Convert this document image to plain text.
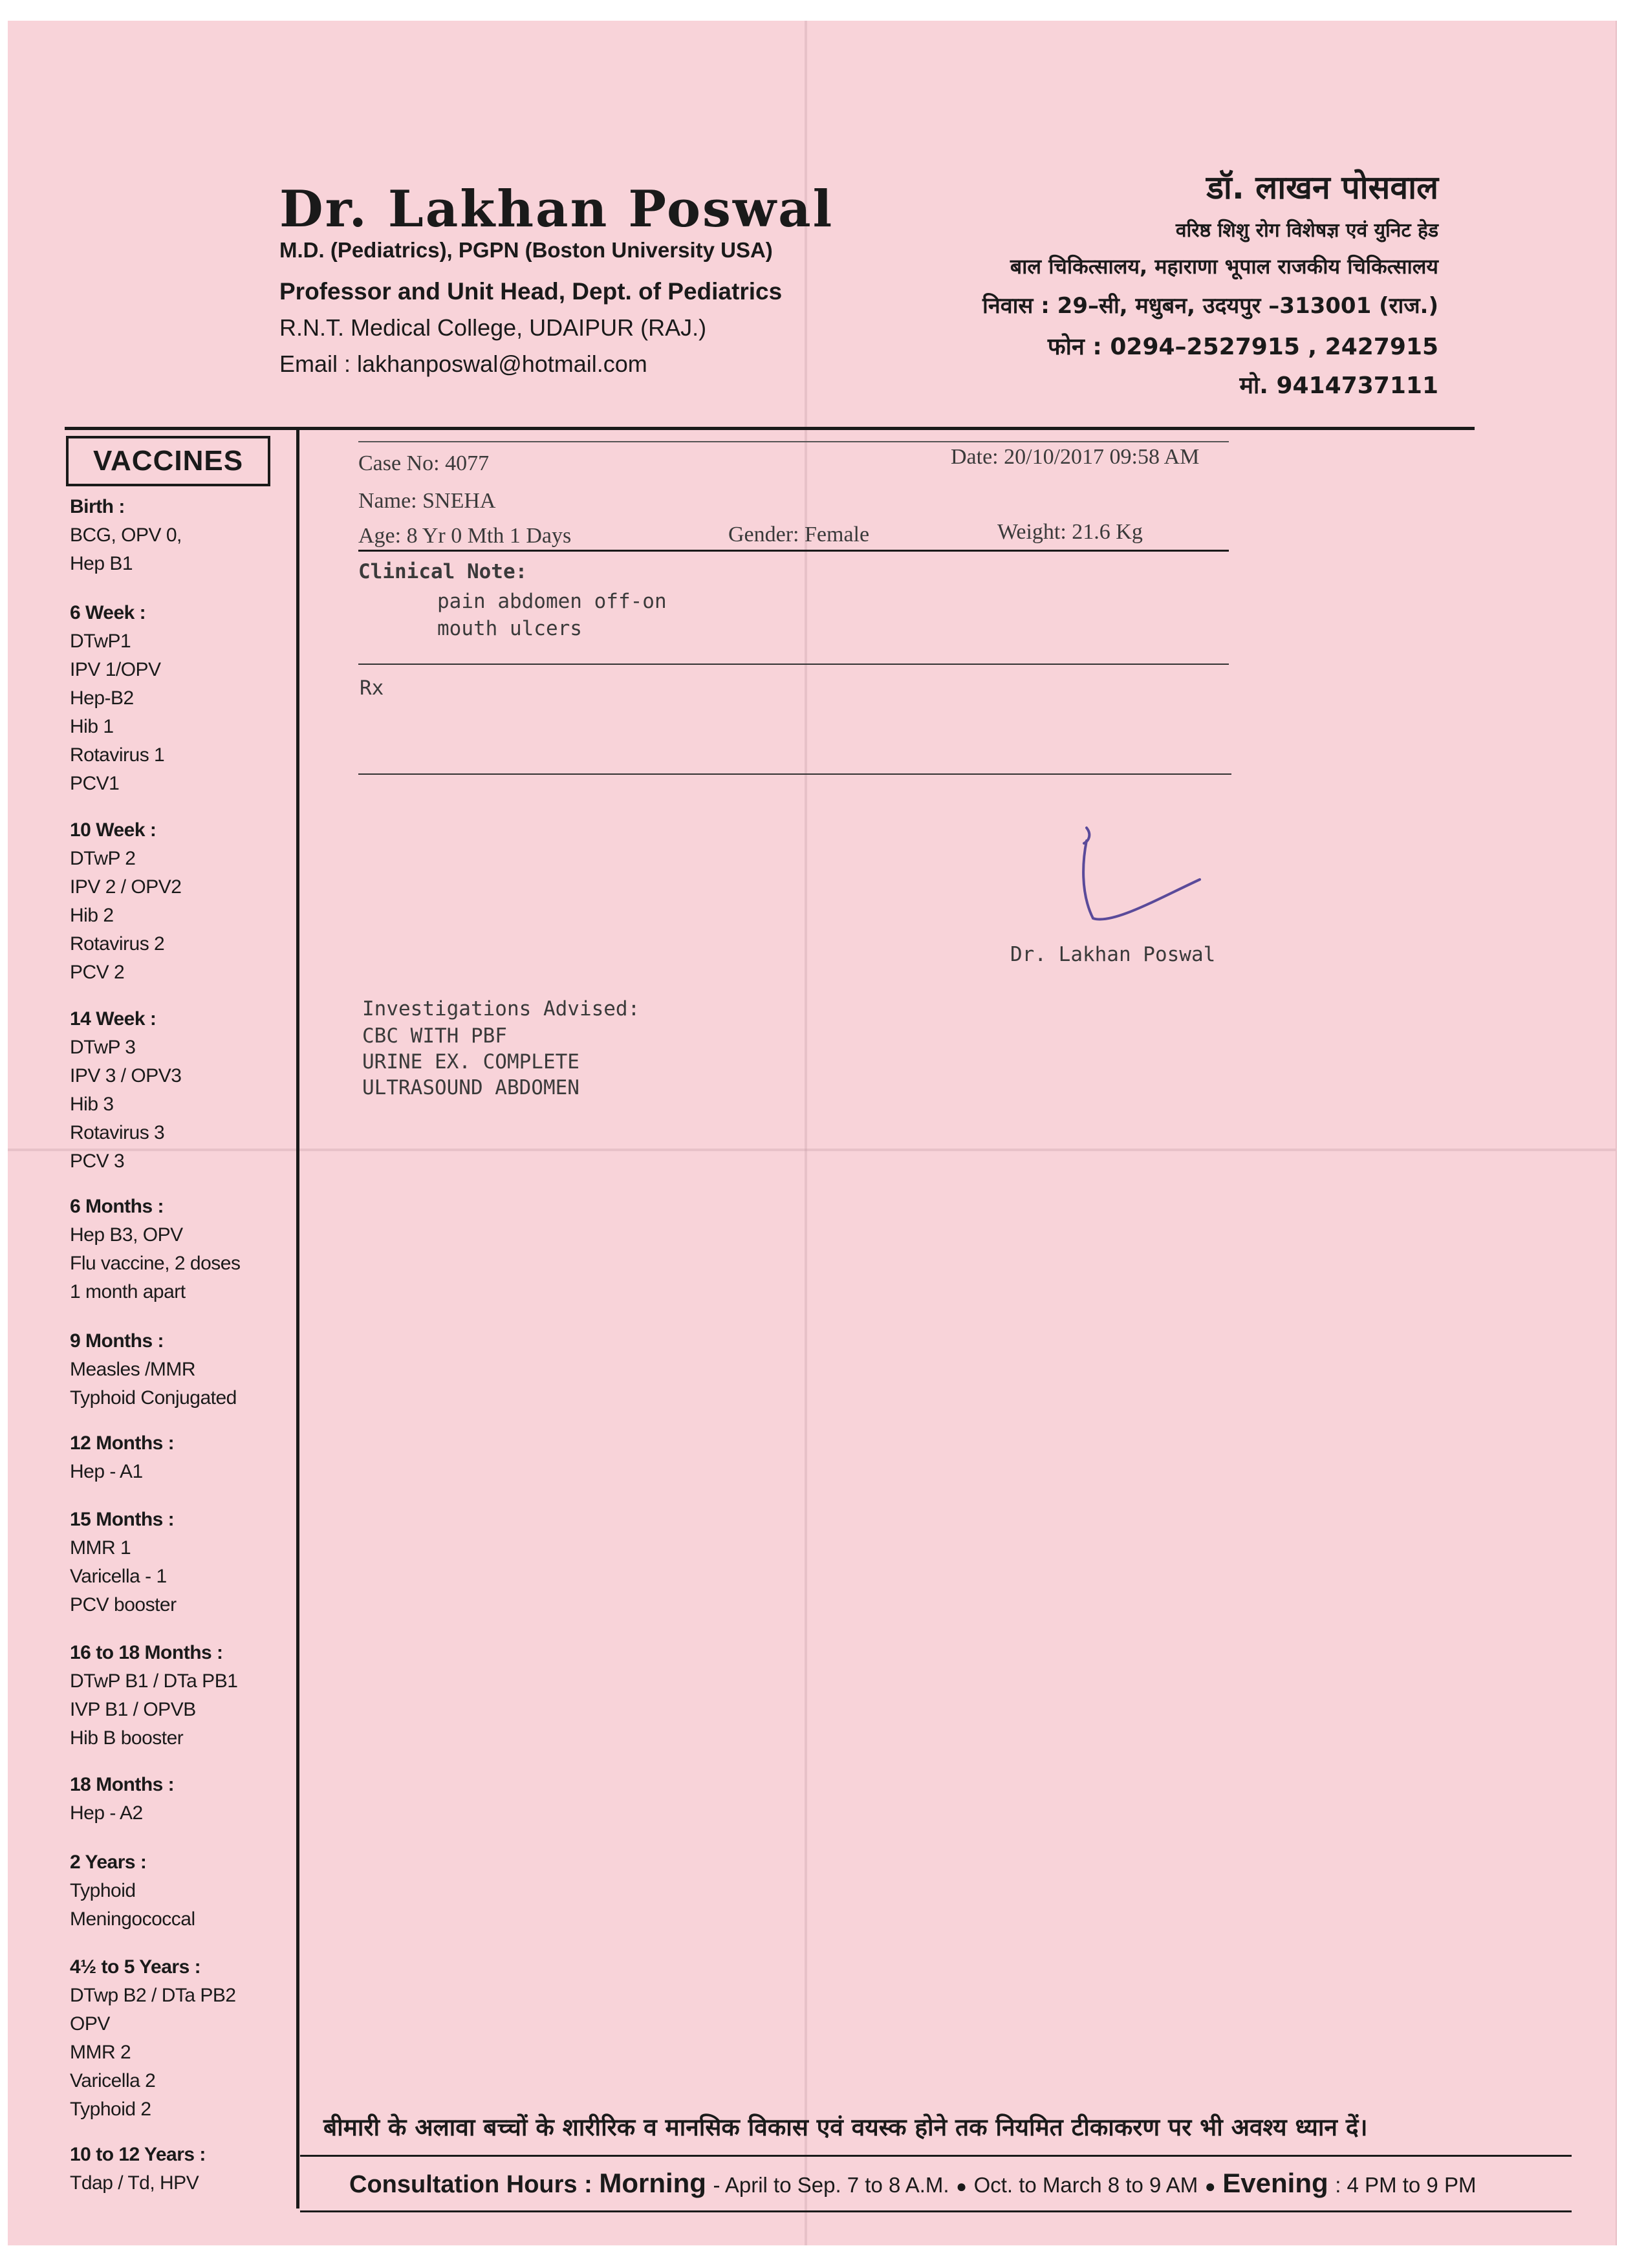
Dr. Lakhan Poswal
M.D. (Pediatrics), PGPN (Boston University USA)
Professor and Unit Head, Dept. of Pediatrics
R.N.T. Medical College, UDAIPUR (RAJ.)
Email : lakhanposwal@hotmail.com
डॉ. लाखन पोसवाल
वरिष्ठ शिशु रोग विशेषज्ञ एवं युनिट हेड
बाल चिकित्सालय, महाराणा भूपाल राजकीय चिकित्सालय
निवास : 29–सी, मधुबन, उदयपुर –313001 (राज.)
फोन : 0294–2527915 , 2427915
मो. 9414737111
VACCINES
Birth :
BCG, OPV 0,
Hep B1
6 Week :
DTwP1
IPV 1/OPV
Hep-B2
Hib 1
Rotavirus 1
PCV1
10 Week :
DTwP 2
IPV 2 / OPV2
Hib 2
Rotavirus 2
PCV 2
14 Week :
DTwP 3
IPV 3 / OPV3
Hib 3
Rotavirus 3
PCV 3
6 Months :
Hep B3, OPV
Flu vaccine, 2 doses
1 month apart
9 Months :
Measles /MMR
Typhoid Conjugated
12 Months :
Hep - A1
15 Months :
MMR 1
Varicella - 1
PCV booster
16 to 18 Months :
DTwP B1 / DTa PB1
IVP B1 / OPVB
Hib B booster
18 Months :
Hep - A2
2 Years :
Typhoid
Meningococcal
4½ to 5 Years :
DTwp B2 / DTa PB2
OPV
MMR 2
Varicella 2
Typhoid 2
10 to 12 Years :
Tdap / Td, HPV
Case No: 4077	Date: 20/10/2017 09:58 AM
Name: SNEHA
Age: 8 Yr 0 Mth 1 Days	Gender: Female	Weight: 21.6 Kg
Clinical Note:
pain abdomen off-on
mouth ulcers
Rx
Dr. Lakhan Poswal
Investigations Advised:
CBC WITH PBF
URINE EX. COMPLETE
ULTRASOUND ABDOMEN
बीमारी के अलावा बच्चों के शारीरिक व मानसिक विकास एवं वयस्क होने तक नियमित टीकाकरण पर भी अवश्य ध्यान दें।
Consultation Hours : Morning - April to Sep. 7 to 8 A.M. ● Oct. to March 8 to 9 AM ● Evening : 4 PM to 9 PM
